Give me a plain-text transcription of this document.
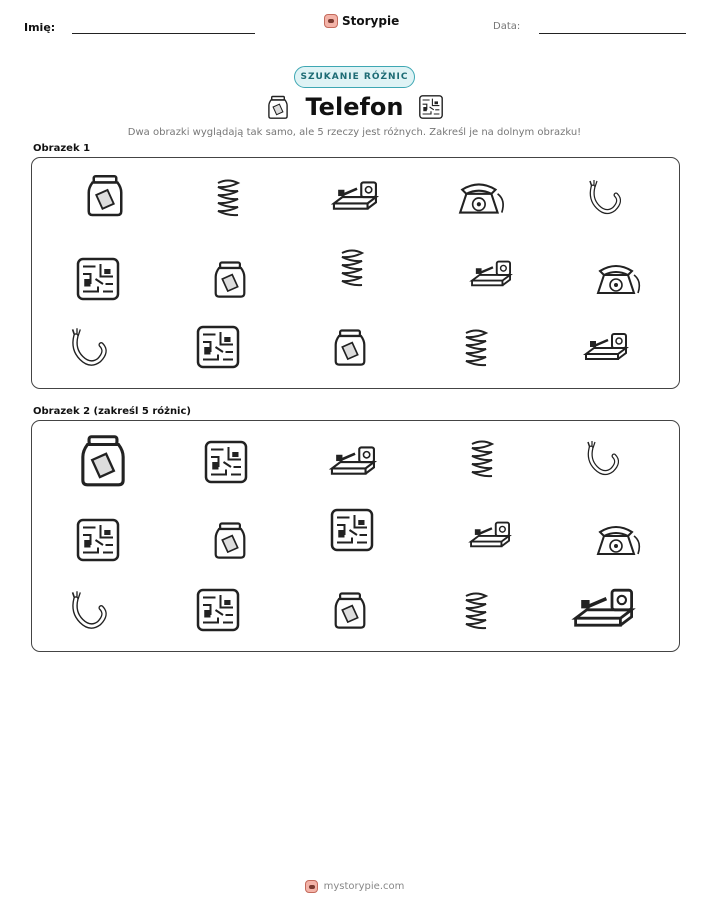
Imię:	Storypie	Data:
SZUKANIE RÓŻNIC
Telefon
Dwa obrazki wyglądają tak samo, ale 5 rzeczy jest różnych. Zakreśl je na dolnym obrazku!
Obrazek 1
Obrazek 2 (zakreśl 5 różnic)
mystorypie.com
